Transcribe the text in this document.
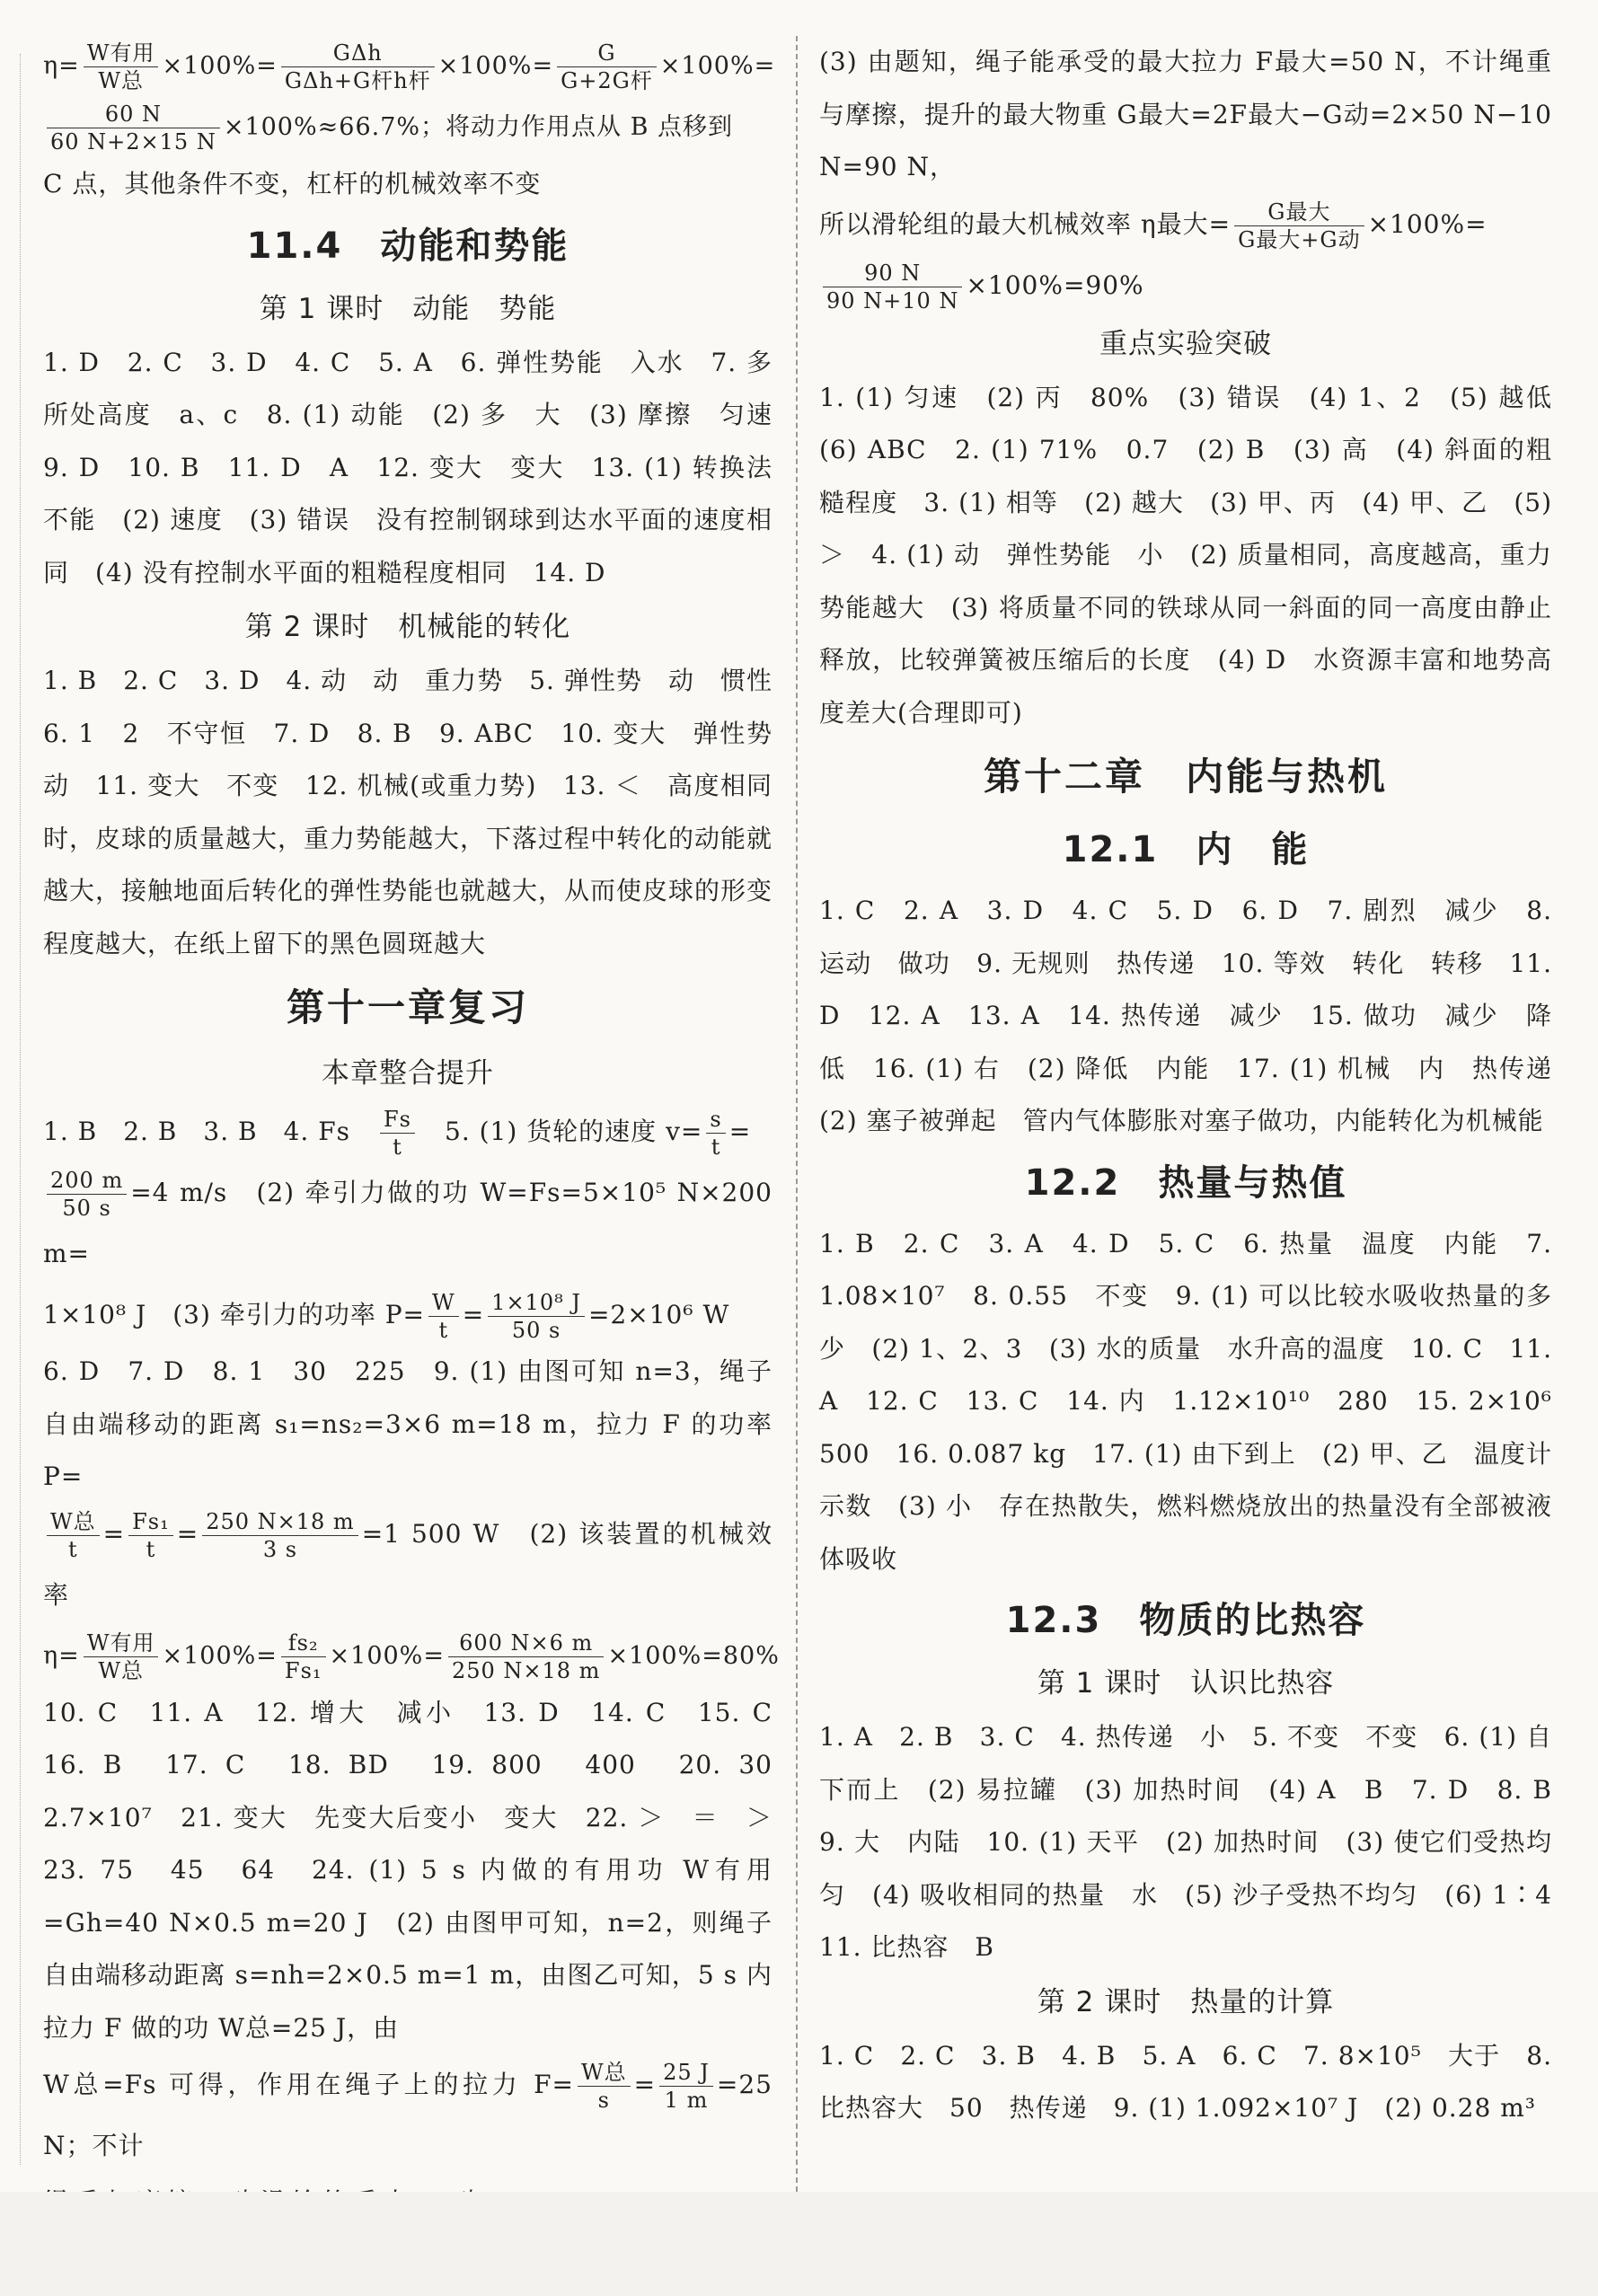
$\eta= \frac{\text{W有用}}{\text{W总}} \times 100\%= \frac{\text{GΔh}}{\text{GΔh+G杆h杆}} \times 100\%= \frac{G}{\text{G+2G杆}} \times 100\%=$

$\frac{60 N}{60 N+2\times 15 N} \times 100\%\approx 66.7\%$；将动力作用点从 B 点移到

C 点，其他条件不变，杠杆的机械效率不变

11.4　动能和势能
第 1 课时　动能　势能

1. D　2. C　3. D　4. C　5. A　6. 弹性势能　入水　7. 多所处高度　a、c　8. (1) 动能　(2) 多　大　(3) 摩擦　匀速　9. D　10. B　11. D　A　12. 变大　变大　13. (1) 转换法　不能　(2) 速度　(3) 错误　没有控制钢球到达水平面的速度相同　(4) 没有控制水平面的粗糙程度相同　14. D

第 2 课时　机械能的转化

1. B　2. C　3. D　4. 动　动　重力势　5. 弹性势　动　惯性　6. 1　2　不守恒　7. D　8. B　9. ABC　10. 变大　弹性势　动　11. 变大　不变　12. 机械(或重力势)　13. ＜　高度相同时，皮球的质量越大，重力势能越大，下落过程中转化的动能就越大，接触地面后转化的弹性势能也就越大，从而使皮球的形变程度越大，在纸上留下的黑色圆斑越大

第十一章复习
本章整合提升

1. B　2. B　3. B　4. Fs　 $\frac{Fs}{t}$
　 5. (1) 货轮的速度 $v= \frac{s}{t}$ =

$\frac{200 m}{50 s} =4$ m/s　(2) 牵引力做的功 W=Fs=5×10⁵ N×200 m=

1×10⁸ J　(3) 牵引力的功率 $P= \frac{W}{t} = \frac{\text{1×10⁸ J}}{50 s} =2\times 10^6$ W

6. D　7. D　8. 1　30　225　9. (1) 由图可知 n=3，绳子自由端移动的距离 s₁=ns₂=3×6 m=18 m，拉力 F 的功率 P=

$\frac{\text{W总}}{t} = \frac{\text{Fs₁}}{t} = \frac{250 N\times 18 m}{3 s} =1$ 500 W　(2) 该装置的机械效率

$\eta= \frac{\text{W有用}}{\text{W总}} \times 100\%= \frac{\text{fs₂}}{\text{Fs₁}} \times 100\%= \frac{600 N\times 6 m}{250 N\times 18 m} \times 100\%=80\%$

10. C　11. A　12. 增大　减小　13. D　14. C　15. C　16. B　17. C　18. BD　19. 800　400　20. 30　2.7×10⁷　21. 变大　先变大后变小　变大　22. ＞　＝　＞　23. 75　45　64　24. (1) 5 s 内做的有用功 W有用=Gh=40 N×0.5 m=20 J　(2) 由图甲可知，n=2，则绳子自由端移动距离 s=nh=2×0.5 m=1 m，由图乙可知，5 s 内拉力 F 做的功 W总=25 J，由

W总=Fs 可得，作用在绳子上的拉力 $F= \frac{\text{W总}}{s} = \frac{25 J}{1 m} =25$ N；不计

(3) 由题知，绳子能承受的最大拉力 F最大=50 N，不计绳重与摩擦，提升的最大物重 G最大=2F最大−G动=2×50 N−10 N=90 N，

所以滑轮组的最大机械效率 η最大= $\frac{\text{G最大}}{\text{G最大+G动}} \times 100\%=$

$\frac{90 N}{90 N+10 N} \times 100\%=90\%$

重点实验突破

1. (1) 匀速　(2) 丙　80%　(3) 错误　(4) 1、2　(5) 越低　(6) ABC　2. (1) 71%　0.7　(2) B　(3) 高　(4) 斜面的粗糙程度　3. (1) 相等　(2) 越大　(3) 甲、丙　(4) 甲、乙　(5) ＞　4. (1) 动　弹性势能　小　(2) 质量相同，高度越高，重力势能越大　(3) 将质量不同的铁球从同一斜面的同一高度由静止释放，比较弹簧被压缩后的长度　(4) D　水资源丰富和地势高度差大(合理即可)

第十二章　内能与热机
12.1　内　能

1. C　2. A　3. D　4. C　5. D　6. D　7. 剧烈　减少　8. 运动　做功　9. 无规则　热传递　10. 等效　转化　转移　11. D　12. A　13. A　14. 热传递　减少　15. 做功　减少　降低　16. (1) 右　(2) 降低　内能　17. (1) 机械　内　热传递　(2) 塞子被弹起　管内气体膨胀对塞子做功，内能转化为机械能

12.2　热量与热值

1. B　2. C　3. A　4. D　5. C　6. 热量　温度　内能　7. 1.08×10⁷　8. 0.55　不变　9. (1) 可以比较水吸收热量的多少　(2) 1、2、3　(3) 水的质量　水升高的温度　10. C　11. A　12. C　13. C　14. 内　1.12×10¹⁰　280　15. 2×10⁶　500　16. 0.087 kg　17. (1) 由下到上　(2) 甲、乙　温度计示数　(3) 小　存在热散失，燃料燃烧放出的热量没有全部被液体吸收

12.3　物质的比热容
第 1 课时　认识比热容

1. A　2. B　3. C　4. 热传递　小　5. 不变　不变　6. (1) 自下而上　(2) 易拉罐　(3) 加热时间　(4) A　B　7. D　8. B　9. 大　内陆　10. (1) 天平　(2) 加热时间　(3) 使它们受热均匀　(4) 吸收相同的热量　水　(5) 沙子受热不均匀　(6) 1∶4　11. 比热容　B

第 2 课时　热量的计算

1. C　2. C　3. B　4. B　5. A　6. C　7. 8×10⁵　大于　8. 比热容大　50　热传递　9. (1) 1.092×10⁷ J　(2) 0.28 m³
